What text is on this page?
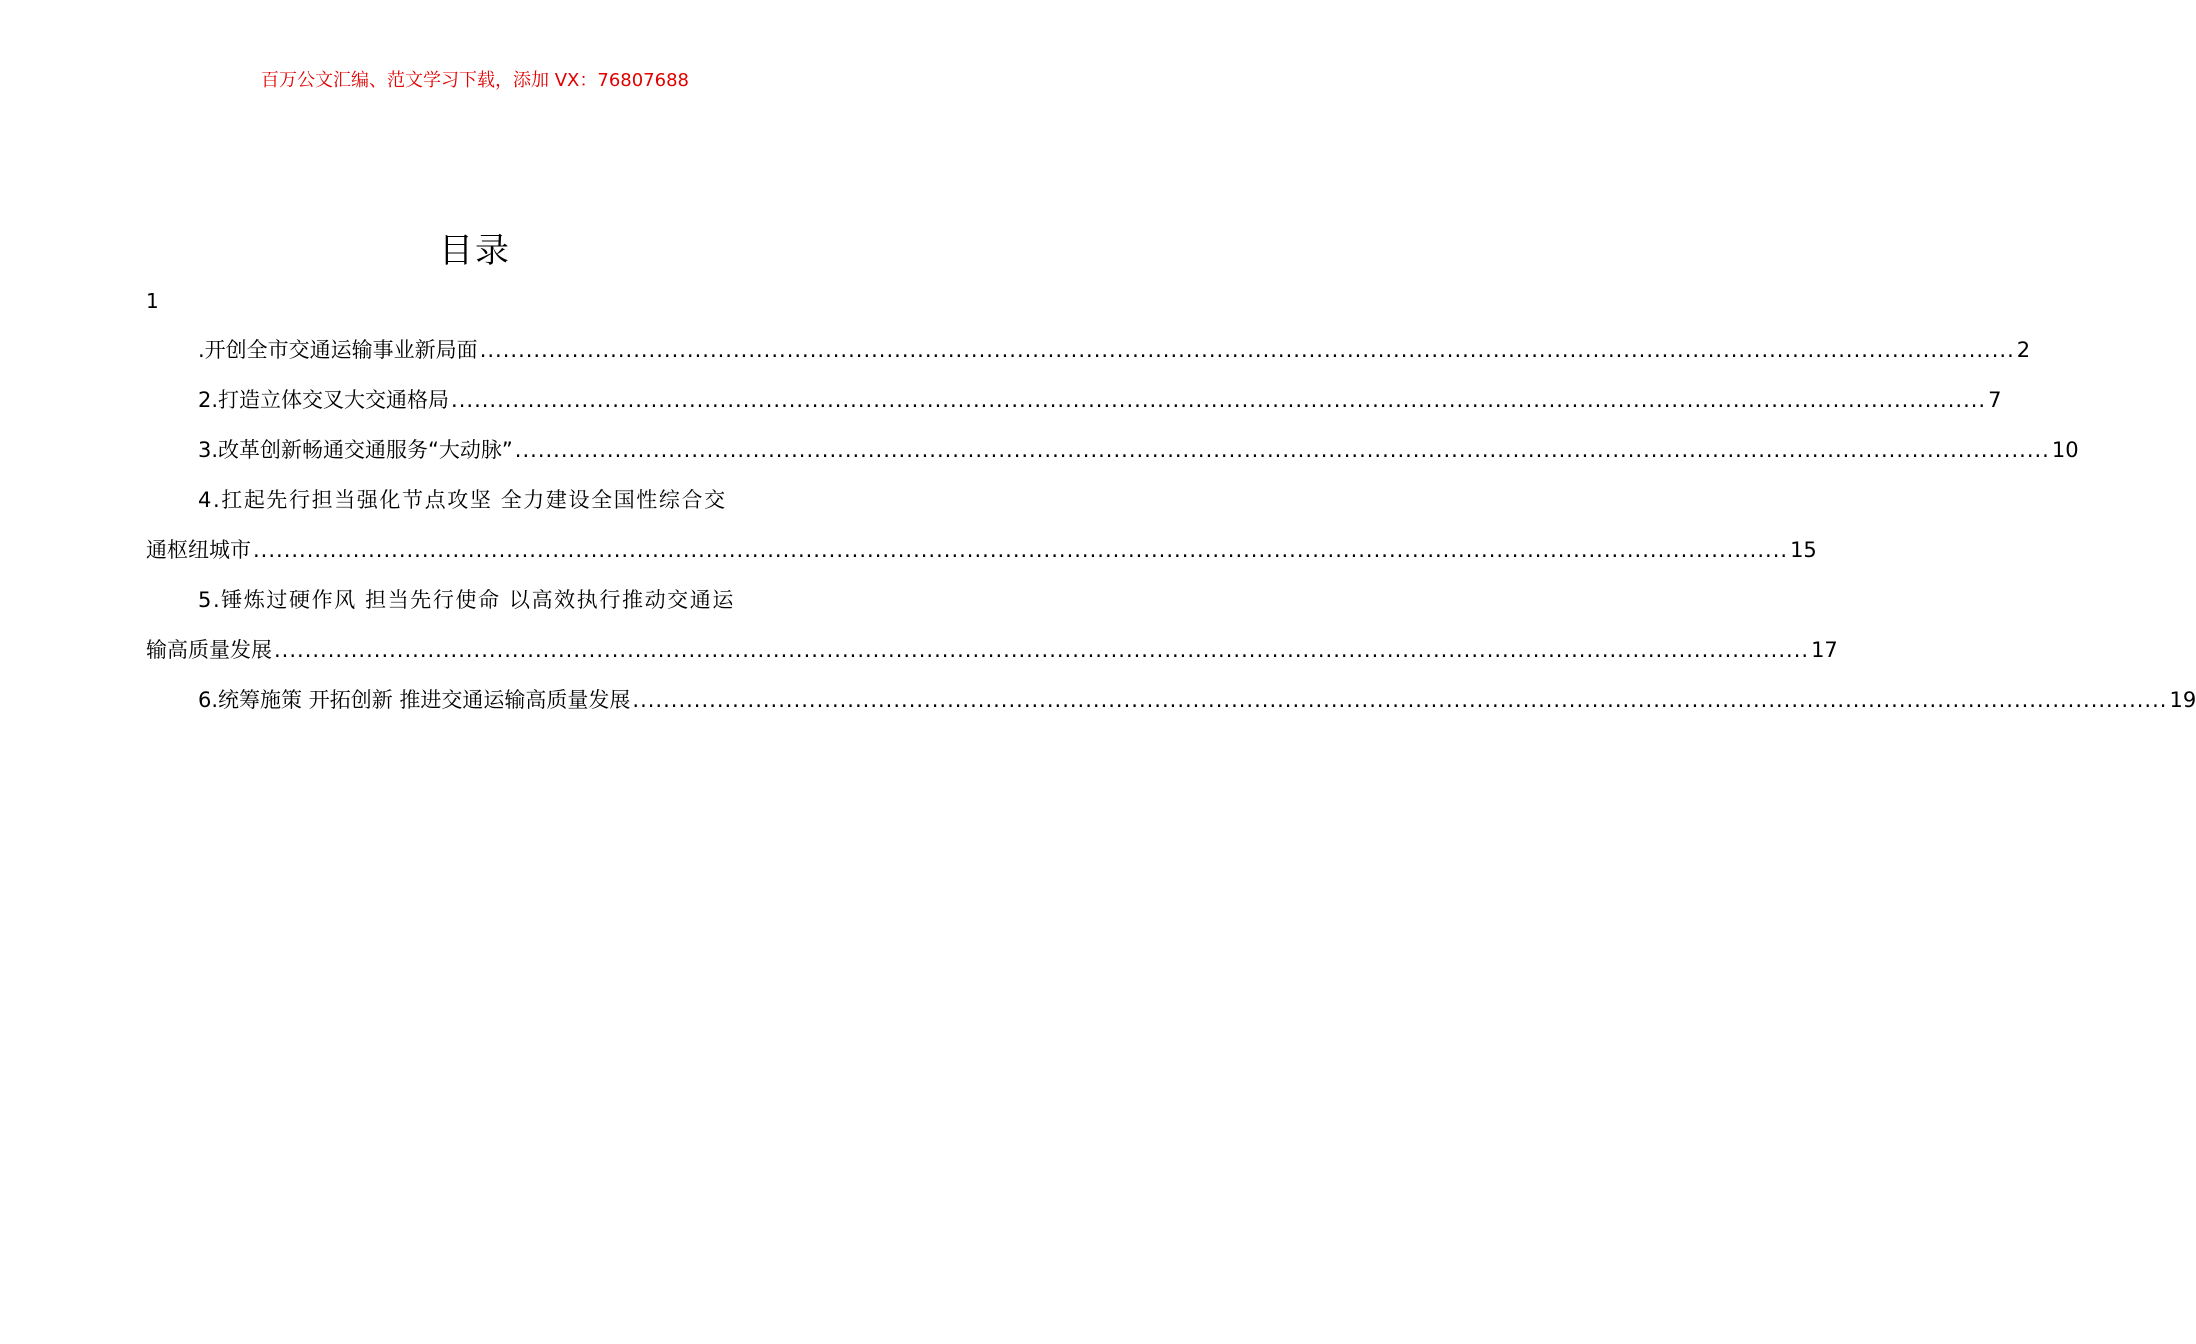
百万公文汇编、范文学习下载，添加 VX：76807688
目录
1
.开创全市交通运输事业新局面 ........................................................................................................................................................................................................ 2
2.打造立体交叉大交通格局 ........................................................................................................................................................................................................ 7
3.改革创新畅通交通服务“大动脉” ........................................................................................................................................................................................................ 10
4.扛起先行担当强化节点攻坚 全力建设全国性综合交
通枢纽城市 ........................................................................................................................................................................................................ 15
5.锤炼过硬作风 担当先行使命 以高效执行推动交通运
输高质量发展 ........................................................................................................................................................................................................ 17
6.统筹施策 开拓创新 推进交通运输高质量发展 ........................................................................................................................................................................................................ 19
